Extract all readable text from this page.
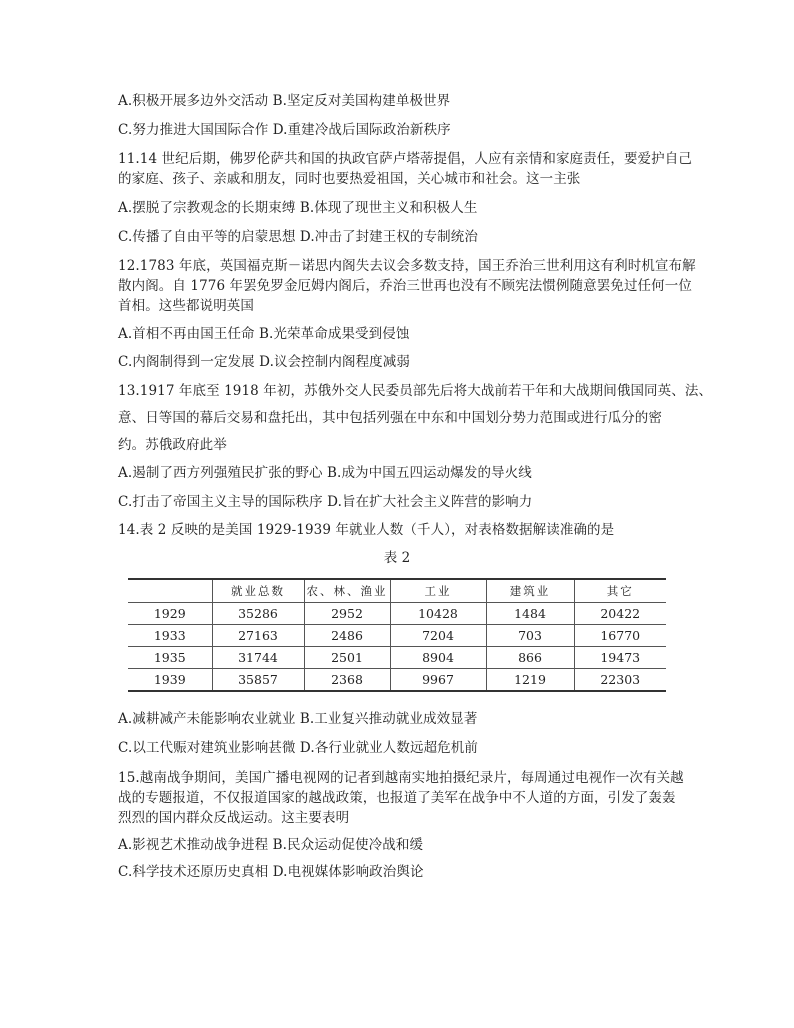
A.积极开展多边外交活动 B.坚定反对美国构建单极世界
C.努力推进大国国际合作 D.重建冷战后国际政治新秩序
11.14 世纪后期，佛罗伦萨共和国的执政官萨卢塔蒂提倡，人应有亲情和家庭责任，要爱护自己
的家庭、孩子、亲戚和朋友，同时也要热爱祖国，关心城市和社会。这一主张
A.摆脱了宗教观念的长期束缚 B.体现了现世主义和积极人生
C.传播了自由平等的启蒙思想 D.冲击了封建王权的专制统治
12.1783 年底，英国福克斯－诺思内阁失去议会多数支持，国王乔治三世利用这有利时机宣布解
散内阁。自 1776 年罢免罗金厄姆内阁后，乔治三世再也没有不顾宪法惯例随意罢免过任何一位
首相。这些都说明英国
A.首相不再由国王任命 B.光荣革命成果受到侵蚀
C.内阁制得到一定发展 D.议会控制内阁程度减弱
13.1917 年底至 1918 年初，苏俄外交人民委员部先后将大战前若干年和大战期间俄国同英、法、
意、日等国的幕后交易和盘托出，其中包括列强在中东和中国划分势力范围或进行瓜分的密
约。苏俄政府此举
A.遏制了西方列强殖民扩张的野心 B.成为中国五四运动爆发的导火线
C.打击了帝国主义主导的国际秩序 D.旨在扩大社会主义阵营的影响力
14.表 2 反映的是美国 1929-1939 年就业人数（千人），对表格数据解读准确的是
表 2
	就业总数	农、林、渔业	工业	建筑业	其它
1929	35286	2952	10428	1484	20422
1933	27163	2486	7204	703	16770
1935	31744	2501	8904	866	19473
1939	35857	2368	9967	1219	22303
A.减耕减产未能影响农业就业 B.工业复兴推动就业成效显著
C.以工代赈对建筑业影响甚微 D.各行业就业人数远超危机前
15.越南战争期间，美国广播电视网的记者到越南实地拍摄纪录片，每周通过电视作一次有关越
战的专题报道，不仅报道国家的越战政策，也报道了美军在战争中不人道的方面，引发了轰轰
烈烈的国内群众反战运动。这主要表明
A.影视艺术推动战争进程 B.民众运动促使冷战和缓
C.科学技术还原历史真相 D.电视媒体影响政治舆论
